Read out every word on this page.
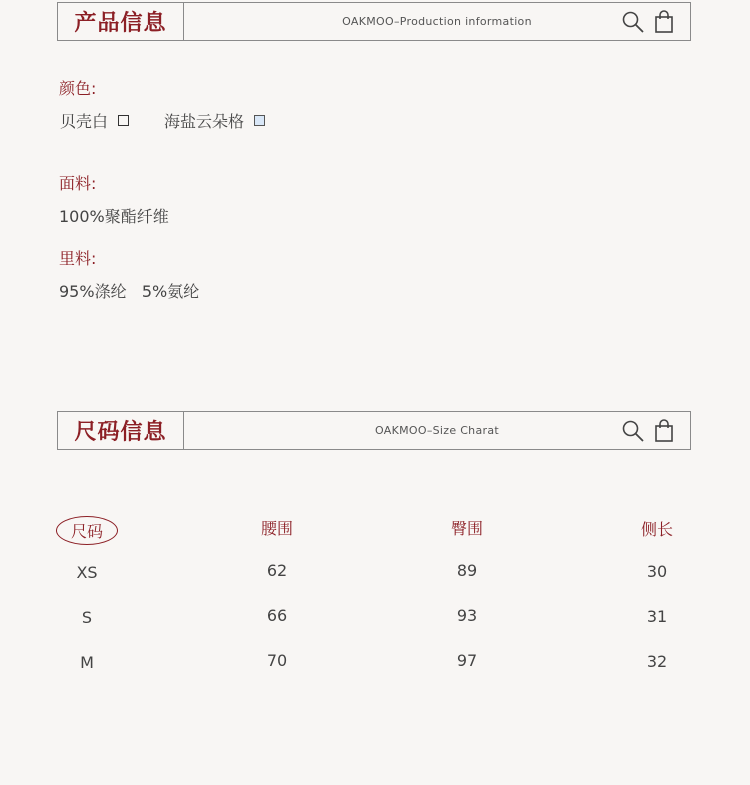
产品信息	OAKMOO–Production information
颜色:
贝壳白	海盐云朵格
面料:
100%聚酯纤维
里料:
95%涤纶   5%氨纶
尺码信息	OAKMOO–Size Charat
尺码	腰围	臀围	侧长
XS	62	89	30
S	66	93	31
M	70	97	32
